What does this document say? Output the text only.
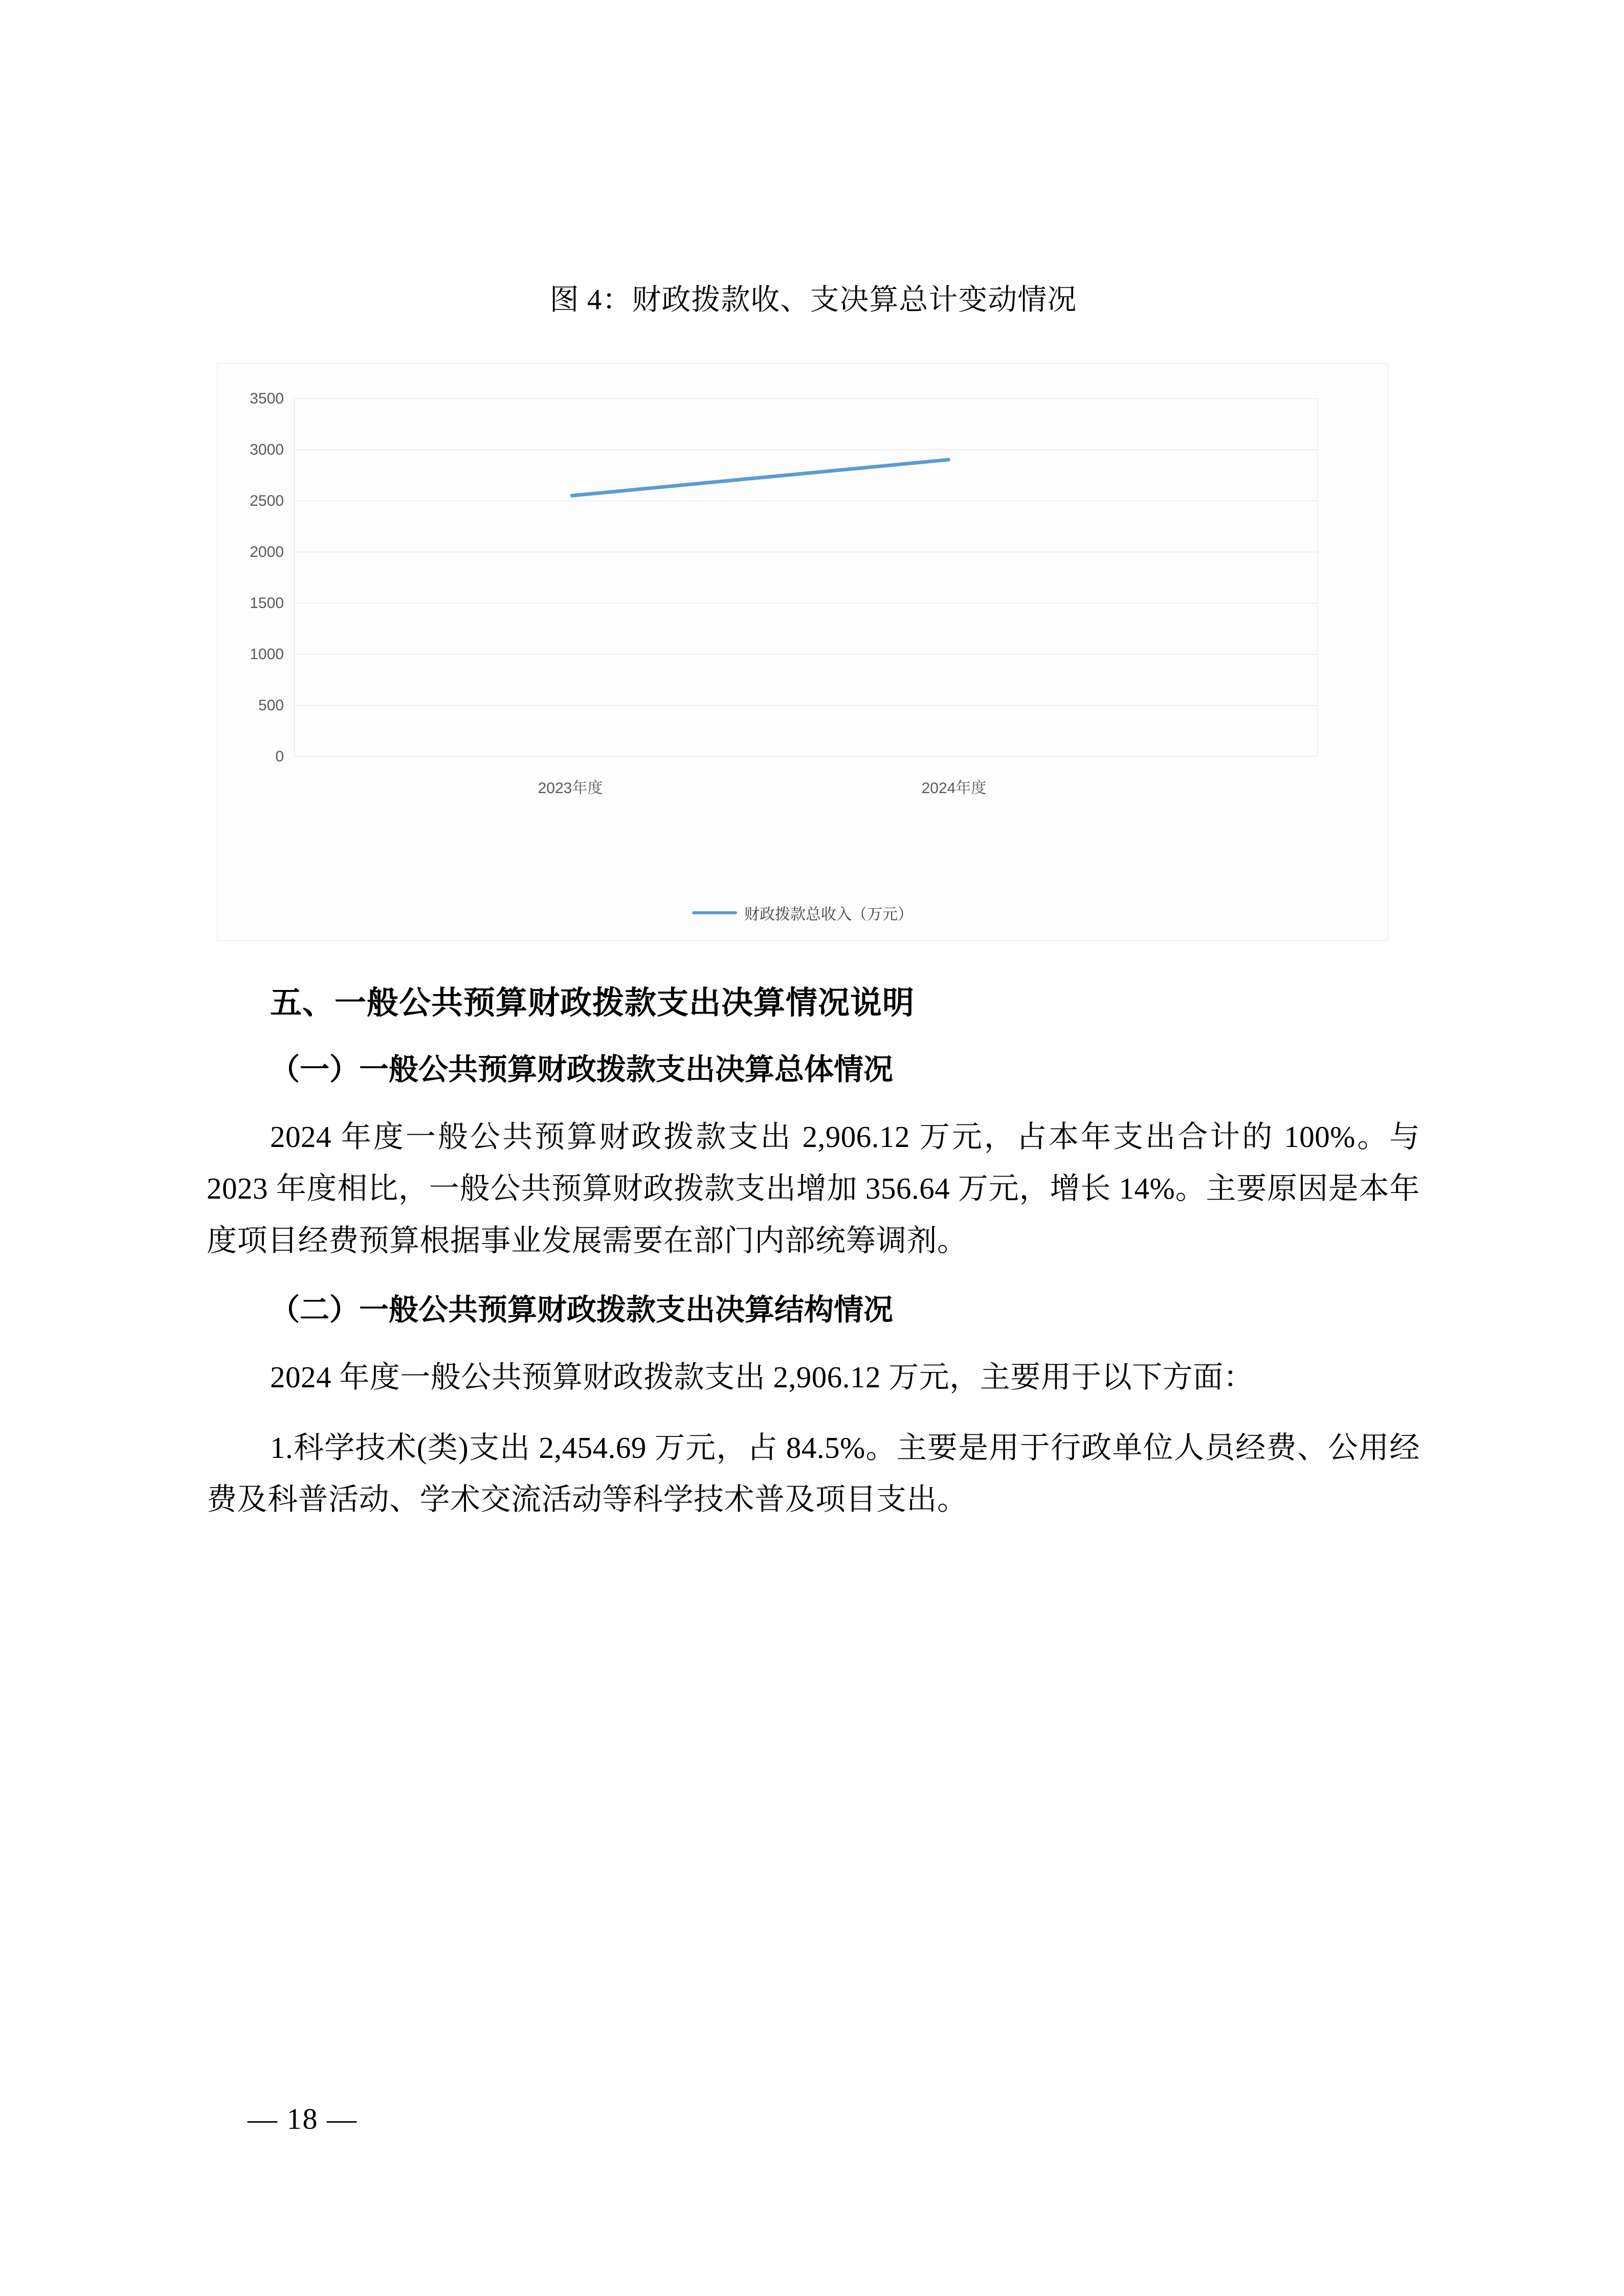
图 4：财政拨款收、支决算总计变动情况
3500
3000
2500
2000
1500
1000
500
0
2023年度	2024年度
财政拨款总收入（万元）
五、一般公共预算财政拨款支出决算情况说明

（一）一般公共预算财政拨款支出决算总体情况

2024 年度一般公共预算财政拨款支出 2,906.12 万元，占本年支出合计的 100%。与 2023 年度相比，一般公共预算财政拨款支出增加 356.64 万元，增长 14%。主要原因是本年度项目经费预算根据事业发展需要在部门内部统筹调剂。

（二）一般公共预算财政拨款支出决算结构情况

2024 年度一般公共预算财政拨款支出 2,906.12 万元，主要用于以下方面：

1.科学技术(类)支出 2,454.69 万元，占 84.5%。主要是用于行政单位人员经费、公用经费及科普活动、学术交流活动等科学技术普及项目支出。

— 18 —
